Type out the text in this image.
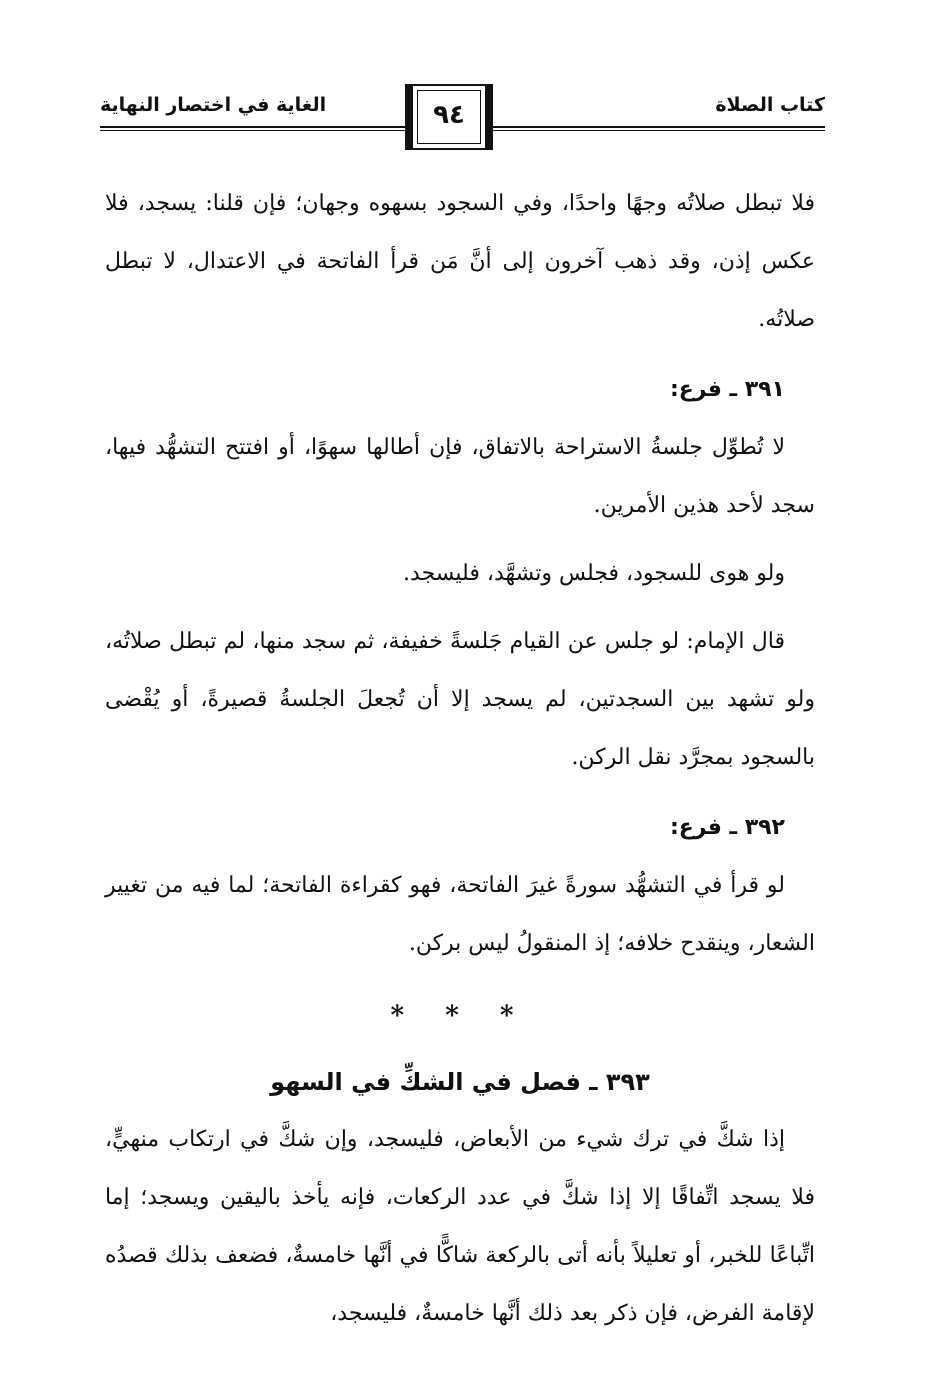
كتاب الصلاة
الغاية في اختصار النهاية	٩٤

فلا تبطل صلاتُه وجهًا واحدًا، وفي السجود بسهوه وجهان؛ فإن قلنا: يسجد، فلا عكس إذن، وقد ذهب آخرون إلى أنَّ مَن قرأ الفاتحة في الاعتدال، لا تبطل صلاتُه.

٣٩١ ـ فرع:

لا تُطوِّل جلسةُ الاستراحة بالاتفاق، فإن أطالها سهوًا، أو افتتح التشهُّد فيها، سجد لأحد هذين الأمرين.

ولو هوى للسجود، فجلس وتشهَّد، فليسجد.

قال الإمام: لو جلس عن القيام جَلسةً خفيفة، ثم سجد منها، لم تبطل صلاتُه، ولو تشهد بين السجدتين، لم يسجد إلا أن تُجعلَ الجلسةُ قصيرةً، أو يُقْضى بالسجود بمجرَّد نقل الركن.

٣٩٢ ـ فرع:

لو قرأ في التشهُّد سورةً غيرَ الفاتحة، فهو كقراءة الفاتحة؛ لما فيه من تغيير الشعار، وينقدح خلافه؛ إذ المنقولُ ليس بركن.

* * *
٣٩٣ ـ فصل في الشكِّ في السهو

إذا شكَّ في ترك شيء من الأبعاض، فليسجد، وإن شكَّ في ارتكاب منهيٍّ، فلا يسجد اتِّفاقًا إلا إذا شكَّ في عدد الركعات، فإنه يأخذ باليقين ويسجد؛ إما اتِّباعًا للخبر، أو تعليلاً بأنه أتى بالركعة شاكًّا في أنَّها خامسةٌ، فضعف بذلك قصدُه لإقامة الفرض، فإن ذكر بعد ذلك أنَّها خامسةٌ، فليسجد،
